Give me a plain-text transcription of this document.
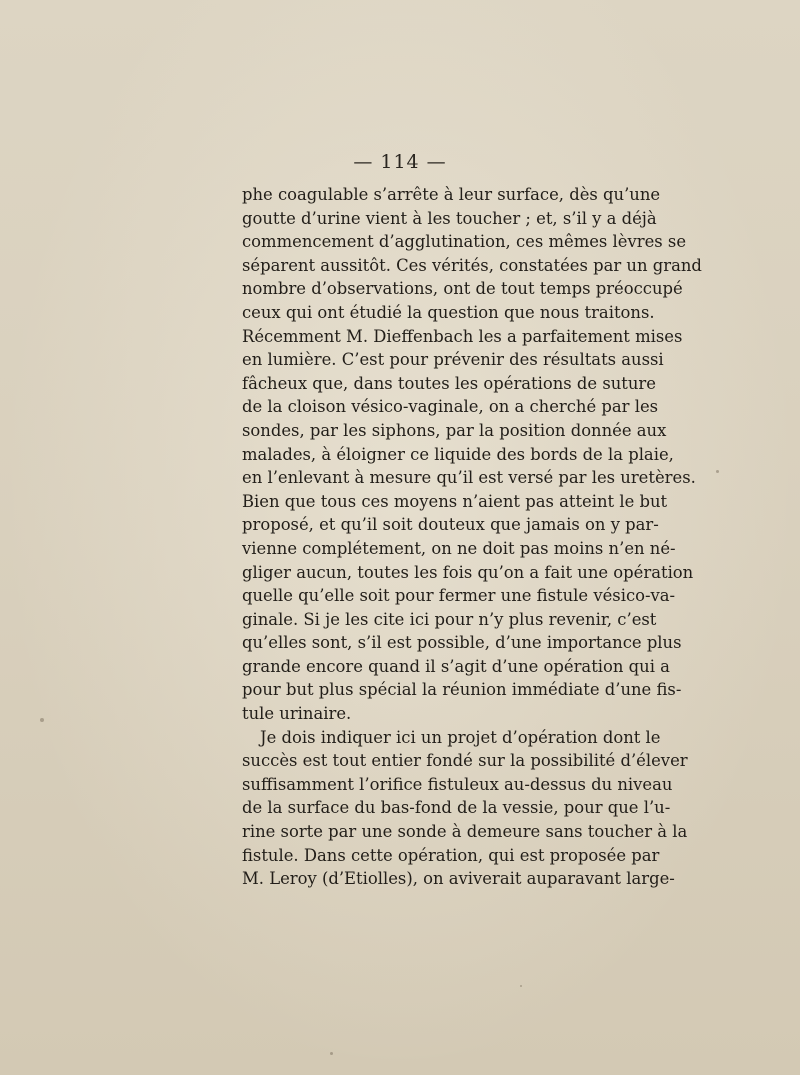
— 114 —
phe coagulable s’arrête à leur surface, dès qu’une
goutte d’urine vient à les toucher ; et, s’il y a déjà
commencement d’agglutination, ces mêmes lèvres se
séparent aussitôt. Ces vérités, constatées par un grand
nombre d’observations, ont de tout temps préoccupé
ceux qui ont étudié la question que nous traitons.
Récemment M. Dieffenbach les a parfaitement mises
en lumière. C’est pour prévenir des résultats aussi
fâcheux que, dans toutes les opérations de suture
de la cloison vésico-vaginale, on a cherché par les
sondes, par les siphons, par la position donnée aux
malades, à éloigner ce liquide des bords de la plaie,
en l’enlevant à mesure qu’il est versé par les uretères.
Bien que tous ces moyens n’aient pas atteint le but
proposé, et qu’il soit douteux que jamais on y par-
vienne complétement, on ne doit pas moins n’en né-
gliger aucun, toutes les fois qu’on a fait une opération
quelle qu’elle soit pour fermer une fistule vésico-va-
ginale. Si je les cite ici pour n’y plus revenir, c’est
qu’elles sont, s’il est possible, d’une importance plus
grande encore quand il s’agit d’une opération qui a
pour but plus spécial la réunion immédiate d’une fis-
tule urinaire.
Je dois indiquer ici un projet d’opération dont le
succès est tout entier fondé sur la possibilité d’élever
suffisamment l’orifice fistuleux au-dessus du niveau
de la surface du bas-fond de la vessie, pour que l’u-
rine sorte par une sonde à demeure sans toucher à la
fistule. Dans cette opération, qui est proposée par
M. Leroy (d’Etiolles), on aviverait auparavant large-
